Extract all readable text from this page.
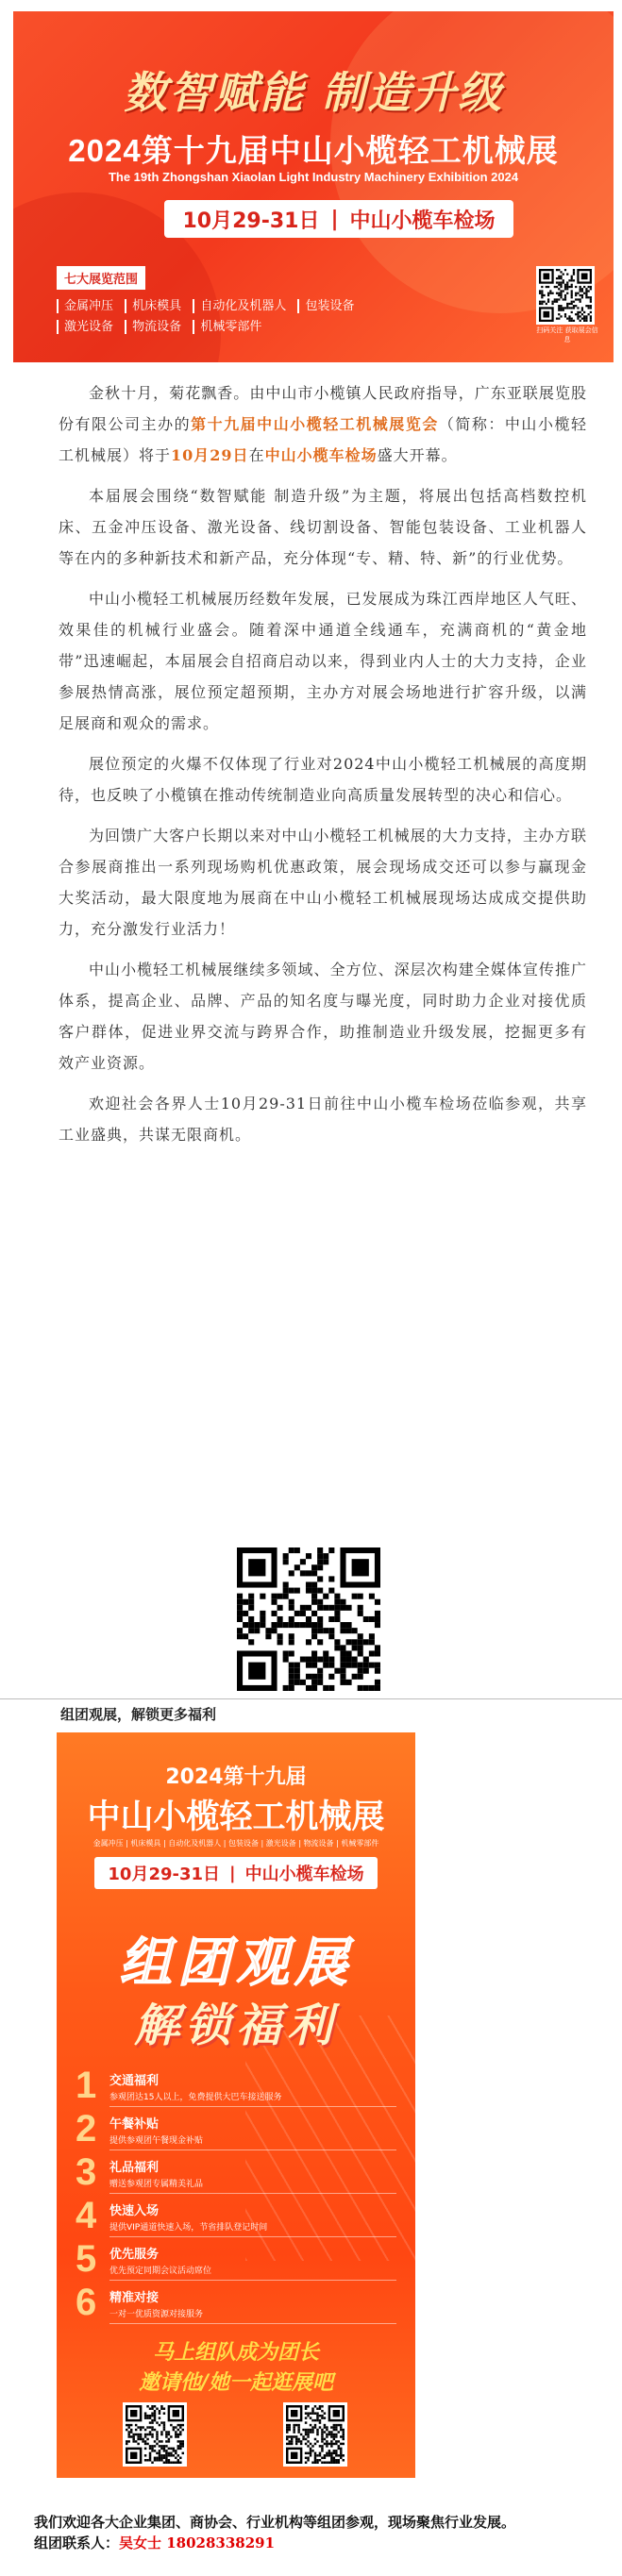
数智赋能 制造升级
2024第十九届中山小榄轻工机械展
The 19th Zhongshan Xiaolan Light Industry Machinery Exhibition 2024
10月29-31日 | 中山小榄车检场
七大展览范围
金属冲压 机床模具 自动化及机器人 包装设备
激光设备 物流设备 机械零部件	扫码关注 获取展会信息

金秋十月，菊花飘香。由中山市小榄镇人民政府指导，广东亚联展览股份有限公司主办的第十九届中山小榄轻工机械展览会（简称：中山小榄轻工机械展）将于10月29日在中山小榄车检场盛大开幕。

本届展会围绕“数智赋能 制造升级”为主题，将展出包括高档数控机床、五金冲压设备、激光设备、线切割设备、智能包装设备、工业机器人等在内的多种新技术和新产品，充分体现“专、精、特、新”的行业优势。

中山小榄轻工机械展历经数年发展，已发展成为珠江西岸地区人气旺、效果佳的机械行业盛会。随着深中通道全线通车，充满商机的“黄金地带”迅速崛起，本届展会自招商启动以来，得到业内人士的大力支持，企业参展热情高涨，展位预定超预期，主办方对展会场地进行扩容升级，以满足展商和观众的需求。

展位预定的火爆不仅体现了行业对2024中山小榄轻工机械展的高度期待，也反映了小榄镇在推动传统制造业向高质量发展转型的决心和信心。

为回馈广大客户长期以来对中山小榄轻工机械展的大力支持，主办方联合参展商推出一系列现场购机优惠政策，展会现场成交还可以参与赢现金大奖活动，最大限度地为展商在中山小榄轻工机械展现场达成成交提供助力，充分激发行业活力！

中山小榄轻工机械展继续多领域、全方位、深层次构建全媒体宣传推广体系，提高企业、品牌、产品的知名度与曝光度，同时助力企业对接优质客户群体，促进业界交流与跨界合作，助推制造业升级发展，挖掘更多有效产业资源。

欢迎社会各界人士10月29-31日前往中山小榄车检场莅临参观，共享工业盛典，共谋无限商机。

组团观展，解锁更多福利
2024第十九届
中山小榄轻工机械展
金属冲压 | 机床模具 | 自动化及机器人 | 包装设备 | 激光设备 | 物流设备 | 机械零部件
10月29-31日 | 中山小榄车检场
组团观展
解锁福利
1	交通福利
参观团达15人以上，免费提供大巴车接送服务
2	午餐补贴
提供参观团午餐现金补贴
3	礼品福利
赠送参观团专属精美礼品
4	快速入场
提供VIP通道快速入场，节省排队登记时间
5	优先服务
优先预定同期会议活动席位
6	精准对接
一对一优质资源对接服务
马上组队成为团长
邀请他/她一起逛展吧
我们欢迎各大企业集团、商协会、行业机构等组团参观，现场聚焦行业发展。组团联系人：吴女士 18028338291
